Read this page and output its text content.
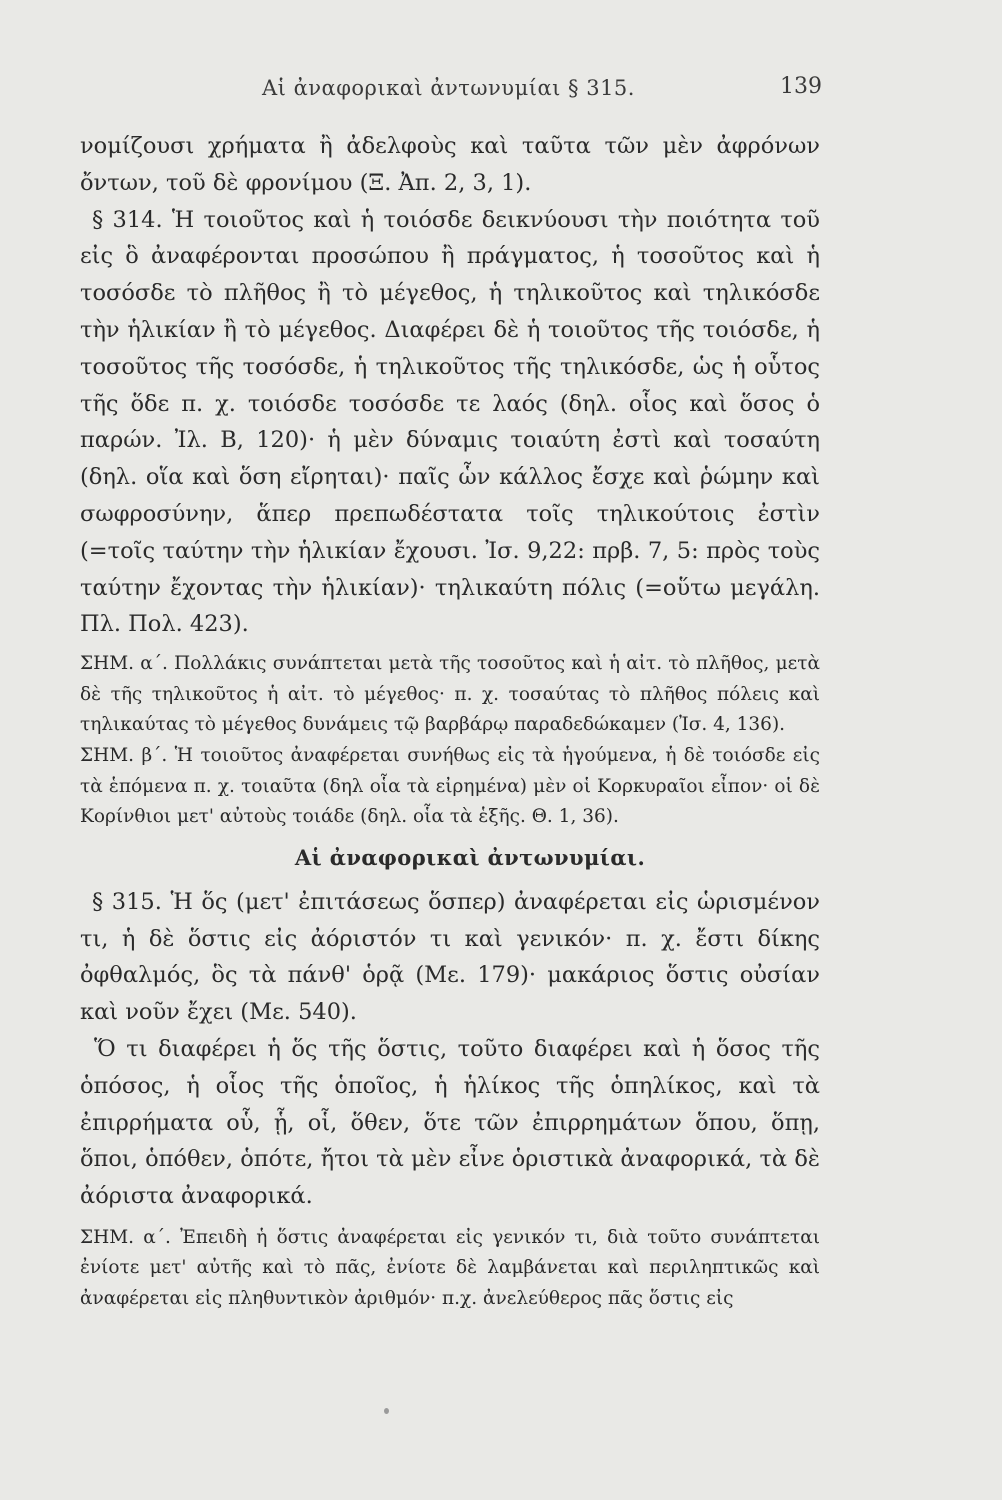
Αἱ ἀναφορικαὶ ἀντωνυμίαι § 315.	139

νομίζουσι χρήματα ἢ ἀδελφοὺς καὶ ταῦτα τῶν μὲν ἀφρόνων ὄντων, τοῦ δὲ φρονίμου (Ξ. Ἀπ. 2, 3, 1).

§ 314. Ἡ τοιοῦτος καὶ ἡ τοιόσδε δεικνύουσι τὴν ποιότητα τοῦ εἰς ὃ ἀναφέρονται προσώπου ἢ πράγματος, ἡ τοσοῦτος καὶ ἡ τοσόσδε τὸ πλῆθος ἢ τὸ μέγεθος, ἡ τηλικοῦτος καὶ τηλικόσδε τὴν ἡλικίαν ἢ τὸ μέγεθος. Διαφέρει δὲ ἡ τοιοῦτος τῆς τοιόσδε, ἡ τοσοῦτος τῆς τοσόσδε, ἡ τηλικοῦτος τῆς τηλικόσδε, ὡς ἡ οὗτος τῆς ὅδε π. χ. τοιόσδε τοσόσδε τε λαός (δηλ. οἷος καὶ ὅσος ὁ παρών. Ἰλ. Β, 120)· ἡ μὲν δύναμις τοιαύτη ἐστὶ καὶ τοσαύτη (δηλ. οἵα καὶ ὅση εἴρηται)· παῖς ὧν κάλλος ἔσχε καὶ ῥώμην καὶ σωφροσύνην, ἅπερ πρεπωδέστατα τοῖς τηλικούτοις ἐστὶν (=τοῖς ταύτην τὴν ἡλικίαν ἔχουσι. Ἰσ. 9,22: πρβ. 7, 5: πρὸς τοὺς ταύτην ἔχοντας τὴν ἡλικίαν)· τηλικαύτη πόλις (=οὕτω μεγάλη. Πλ. Πολ. 423).

ΣΗΜ. α΄. Πολλάκις συνάπτεται μετὰ τῆς τοσοῦτος καὶ ἡ αἰτ. τὸ πλῆθος, μετὰ δὲ τῆς τηλικοῦτος ἡ αἰτ. τὸ μέγεθος· π. χ. τοσαύτας τὸ πλῆθος πόλεις καὶ τηλικαύτας τὸ μέγεθος δυνάμεις τῷ βαρβάρῳ παραδεδώκαμεν (Ἰσ. 4, 136).

ΣΗΜ. β΄. Ἡ τοιοῦτος ἀναφέρεται συνήθως εἰς τὰ ἡγούμενα, ἡ δὲ τοιόσδε εἰς τὰ ἑπόμενα π. χ. τοιαῦτα (δηλ οἷα τὰ εἰρημένα) μὲν οἱ Κορκυραῖοι εἶπον· οἱ δὲ Κορίνθιοι μετ' αὐτοὺς τοιάδε (δηλ. οἷα τὰ ἑξῆς. Θ. 1, 36).

Αἱ ἀναφορικαὶ ἀντωνυμίαι.

§ 315. Ἡ ὅς (μετ' ἐπιτάσεως ὅσπερ) ἀναφέρεται εἰς ὡρισμένον τι, ἡ δὲ ὅστις εἰς ἀόριστόν τι καὶ γενικόν· π. χ. ἔστι δίκης ὀφθαλμός, ὃς τὰ πάνθ' ὁρᾷ (Με. 179)· μακάριος ὅστις οὐσίαν καὶ νοῦν ἔχει (Με. 540).

Ὅ τι διαφέρει ἡ ὅς τῆς ὅστις, τοῦτο διαφέρει καὶ ἡ ὅσος τῆς ὁπόσος, ἡ οἷος τῆς ὁποῖος, ἡ ἡλίκος τῆς ὁπηλίκος, καὶ τὰ ἐπιρρήματα οὗ, ᾗ, οἷ, ὅθεν, ὅτε τῶν ἐπιρρημάτων ὅπου, ὅπῃ, ὅποι, ὁπόθεν, ὁπότε, ἤτοι τὰ μὲν εἶνε ὁριστικὰ ἀναφορικά, τὰ δὲ ἀόριστα ἀναφορικά.

ΣΗΜ. α΄. Ἐπειδὴ ἡ ὅστις ἀναφέρεται εἰς γενικόν τι, διὰ τοῦτο συνάπτεται ἐνίοτε μετ' αὐτῆς καὶ τὸ πᾶς, ἐνίοτε δὲ λαμβάνεται καὶ περιληπτικῶς καὶ ἀναφέρεται εἰς πληθυντικὸν ἀριθμόν· π.χ. ἀνελεύθερος πᾶς ὅστις εἰς
